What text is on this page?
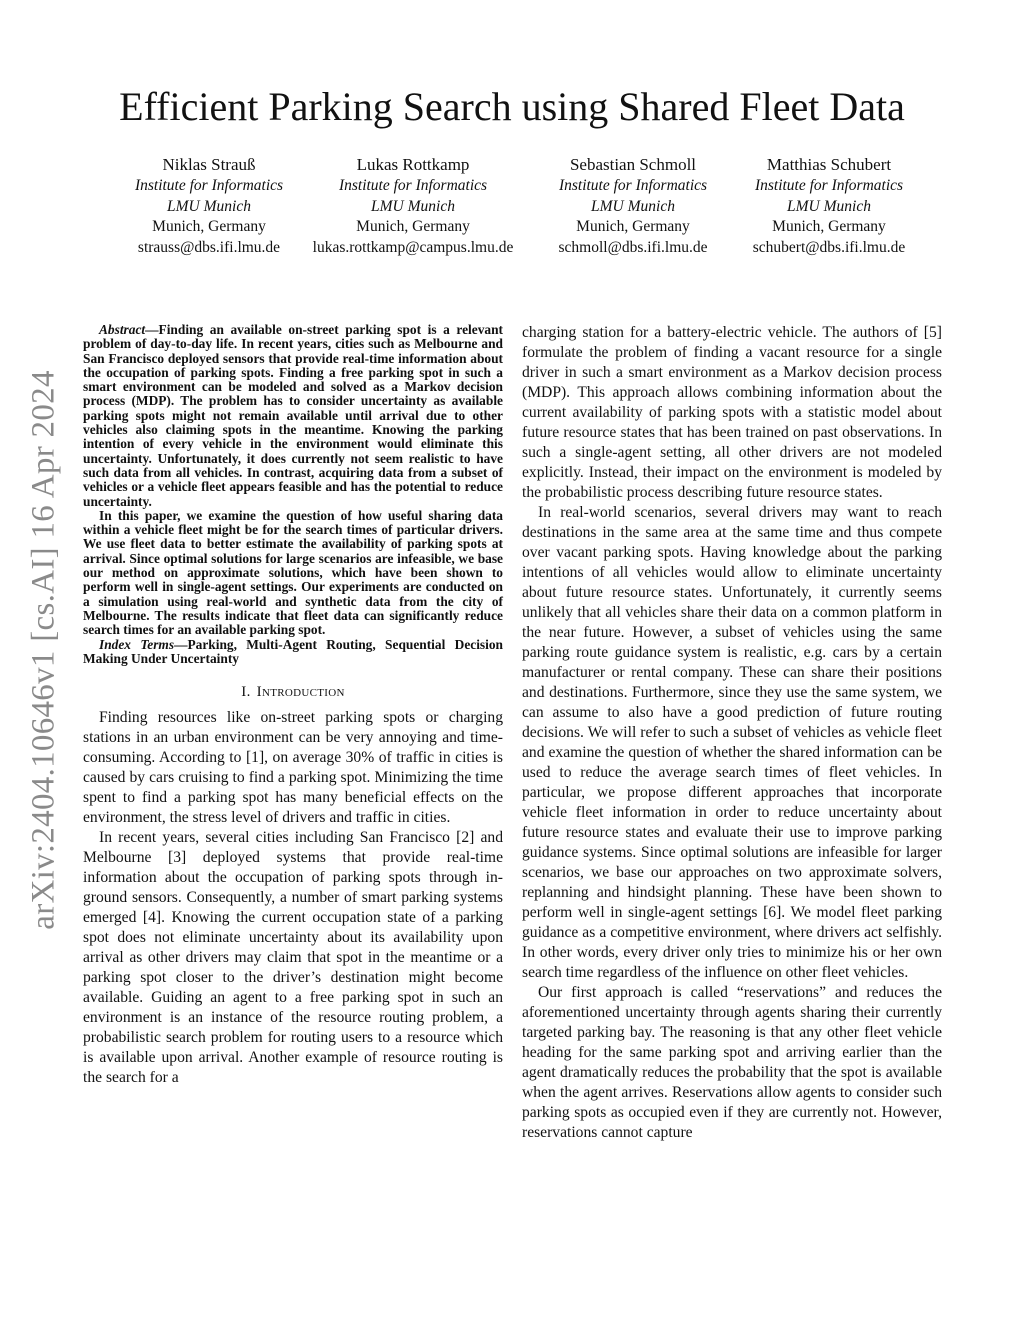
arXiv:2404.10646v1 [cs.AI] 16 Apr 2024
Efficient Parking Search using Shared Fleet Data
Niklas Strauß
Institute for Informatics
LMU Munich
Munich, Germany
strauss@dbs.ifi.lmu.de
Lukas Rottkamp
Institute for Informatics
LMU Munich
Munich, Germany
lukas.rottkamp@campus.lmu.de
Sebastian Schmoll
Institute for Informatics
LMU Munich
Munich, Germany
schmoll@dbs.ifi.lmu.de
Matthias Schubert
Institute for Informatics
LMU Munich
Munich, Germany
schubert@dbs.ifi.lmu.de

Abstract—Finding an available on-street parking spot is a relevant problem of day-to-day life. In recent years, cities such as Melbourne and San Francisco deployed sensors that provide real-time information about the occupation of parking spots. Finding a free parking spot in such a smart environment can be modeled and solved as a Markov decision process (MDP). The problem has to consider uncertainty as available parking spots might not remain available until arrival due to other vehicles also claiming spots in the meantime. Knowing the parking intention of every vehicle in the environment would eliminate this uncertainty. Unfortunately, it does currently not seem realistic to have such data from all vehicles. In contrast, acquiring data from a subset of vehicles or a vehicle fleet appears feasible and has the potential to reduce uncertainty.

In this paper, we examine the question of how useful sharing data within a vehicle fleet might be for the search times of particular drivers. We use fleet data to better estimate the availability of parking spots at arrival. Since optimal solutions for large scenarios are infeasible, we base our method on approximate solutions, which have been shown to perform well in single-agent settings. Our experiments are conducted on a simulation using real-world and synthetic data from the city of Melbourne. The results indicate that fleet data can significantly reduce search times for an available parking spot.

Index Terms—Parking, Multi-Agent Routing, Sequential Decision Making Under Uncertainty

I. Introduction

Finding resources like on-street parking spots or charging stations in an urban environment can be very annoying and time-consuming. According to [1], on average 30% of traffic in cities is caused by cars cruising to find a parking spot. Minimizing the time spent to find a parking spot has many beneficial effects on the environment, the stress level of drivers and traffic in cities.

In recent years, several cities including San Francisco [2] and Melbourne [3] deployed systems that provide real-time information about the occupation of parking spots through in-ground sensors. Consequently, a number of smart parking systems emerged [4]. Knowing the current occupation state of a parking spot does not eliminate uncertainty about its availability upon arrival as other drivers may claim that spot in the meantime or a parking spot closer to the driver’s destination might become available. Guiding an agent to a free parking spot in such an environment is an instance of the resource routing problem, a probabilistic search problem for routing users to a resource which is available upon arrival. Another example of resource routing is the search for a

charging station for a battery-electric vehicle. The authors of [5] formulate the problem of finding a vacant resource for a single driver in such a smart environment as a Markov decision process (MDP). This approach allows combining information about the current availability of parking spots with a statistic model about future resource states that has been trained on past observations. In such a single-agent setting, all other drivers are not modeled explicitly. Instead, their impact on the environment is modeled by the probabilistic process describing future resource states.

In real-world scenarios, several drivers may want to reach destinations in the same area at the same time and thus compete over vacant parking spots. Having knowledge about the parking intentions of all vehicles would allow to eliminate uncertainty about future resource states. Unfortunately, it currently seems unlikely that all vehicles share their data on a common platform in the near future. However, a subset of vehicles using the same parking route guidance system is realistic, e.g. cars by a certain manufacturer or rental company. These can share their positions and destinations. Furthermore, since they use the same system, we can assume to also have a good prediction of future routing decisions. We will refer to such a subset of vehicles as vehicle fleet and examine the question of whether the shared information can be used to reduce the average search times of fleet vehicles. In particular, we propose different approaches that incorporate vehicle fleet information in order to reduce uncertainty about future resource states and evaluate their use to improve parking guidance systems. Since optimal solutions are infeasible for larger scenarios, we base our approaches on two approximate solvers, replanning and hindsight planning. These have been shown to perform well in single-agent settings [6]. We model fleet parking guidance as a competitive environment, where drivers act selfishly. In other words, every driver only tries to minimize his or her own search time regardless of the influence on other fleet vehicles.

Our first approach is called “reservations” and reduces the aforementioned uncertainty through agents sharing their currently targeted parking bay. The reasoning is that any other fleet vehicle heading for the same parking spot and arriving earlier than the agent dramatically reduces the probability that the spot is available when the agent arrives. Reservations allow agents to consider such parking spots as occupied even if they are currently not. However, reservations cannot capture
